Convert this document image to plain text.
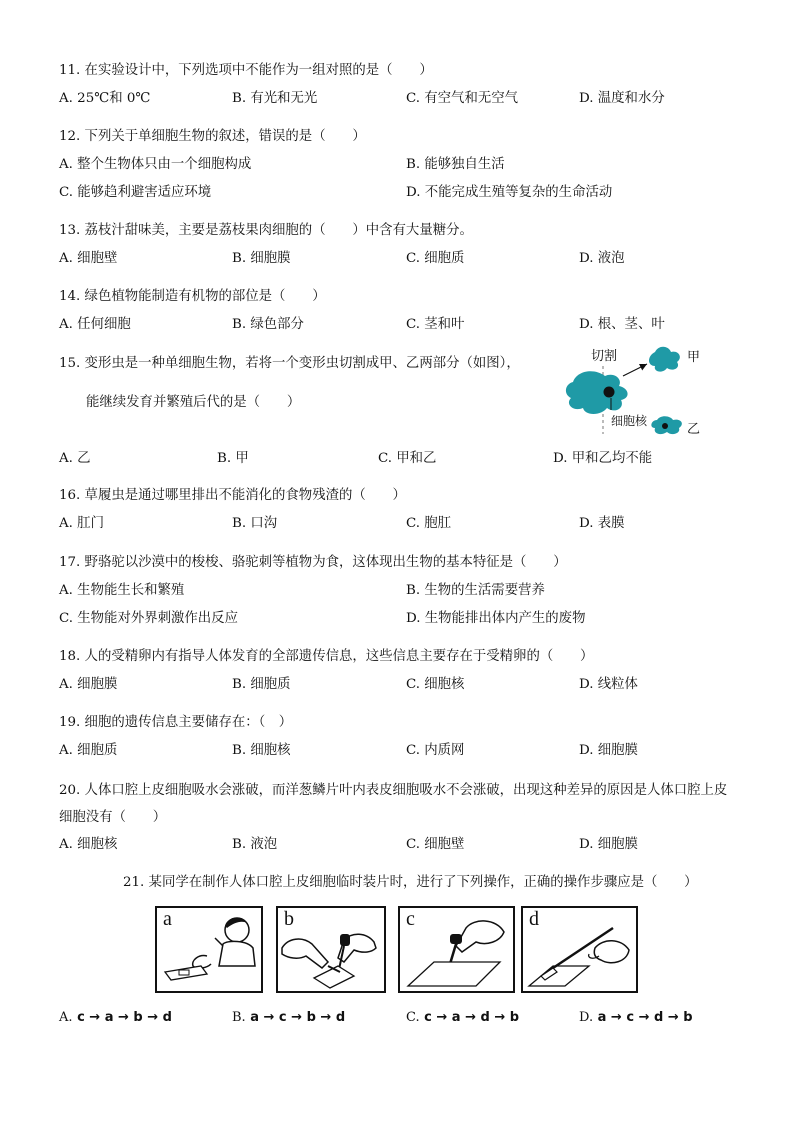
11. 在实验设计中，下列选项中不能作为一组对照的是（　　）
A. 25℃和 0℃	B. 有光和无光	C. 有空气和无空气	D. 温度和水分
12. 下列关于单细胞生物的叙述，错误的是（　　）
A. 整个生物体只由一个细胞构成	B. 能够独自生活
C. 能够趋利避害适应环境	D. 不能完成生殖等复杂的生命活动
13. 荔枝汁甜味美，主要是荔枝果肉细胞的（　　）中含有大量糖分。
A. 细胞壁	B. 细胞膜	C. 细胞质	D. 液泡
14. 绿色植物能制造有机物的部位是（　　）
A. 任何细胞	B. 绿色部分	C. 茎和叶	D. 根、茎、叶
15. 变形虫是一种单细胞生物，若将一个变形虫切割成甲、乙两部分（如图），
能继续发育并繁殖后代的是（　　）
切割	甲
细胞核
乙
A. 乙	B. 甲	C. 甲和乙	D. 甲和乙均不能
16. 草履虫是通过哪里排出不能消化的食物残渣的（　　）
A. 肛门	B. 口沟	C. 胞肛	D. 表膜
17. 野骆驼以沙漠中的梭梭、骆驼刺等植物为食，这体现出生物的基本特征是（　　）
A. 生物能生长和繁殖	B. 生物的生活需要营养
C. 生物能对外界刺激作出反应	D. 生物能排出体内产生的废物
18. 人的受精卵内有指导人体发育的全部遗传信息，这些信息主要存在于受精卵的（　　）
A. 细胞膜	B. 细胞质	C. 细胞核	D. 线粒体
19. 细胞的遗传信息主要储存在：（　）
A. 细胞质	B. 细胞核	C. 内质网	D. 细胞膜
20. 人体口腔上皮细胞吸水会涨破，而洋葱鳞片叶内表皮细胞吸水不会涨破，出现这种差异的原因是人体口腔上皮细胞没有（　　）
A. 细胞核	B. 液泡	C. 细胞壁	D. 细胞膜
21. 某同学在制作人体口腔上皮细胞临时装片时，进行了下列操作，正确的操作步骤应是（　　）
a	b	c	d
A. c → a → b → d	B. a → c → b → d	C. c → a → d → b	D. a → c → d → b
